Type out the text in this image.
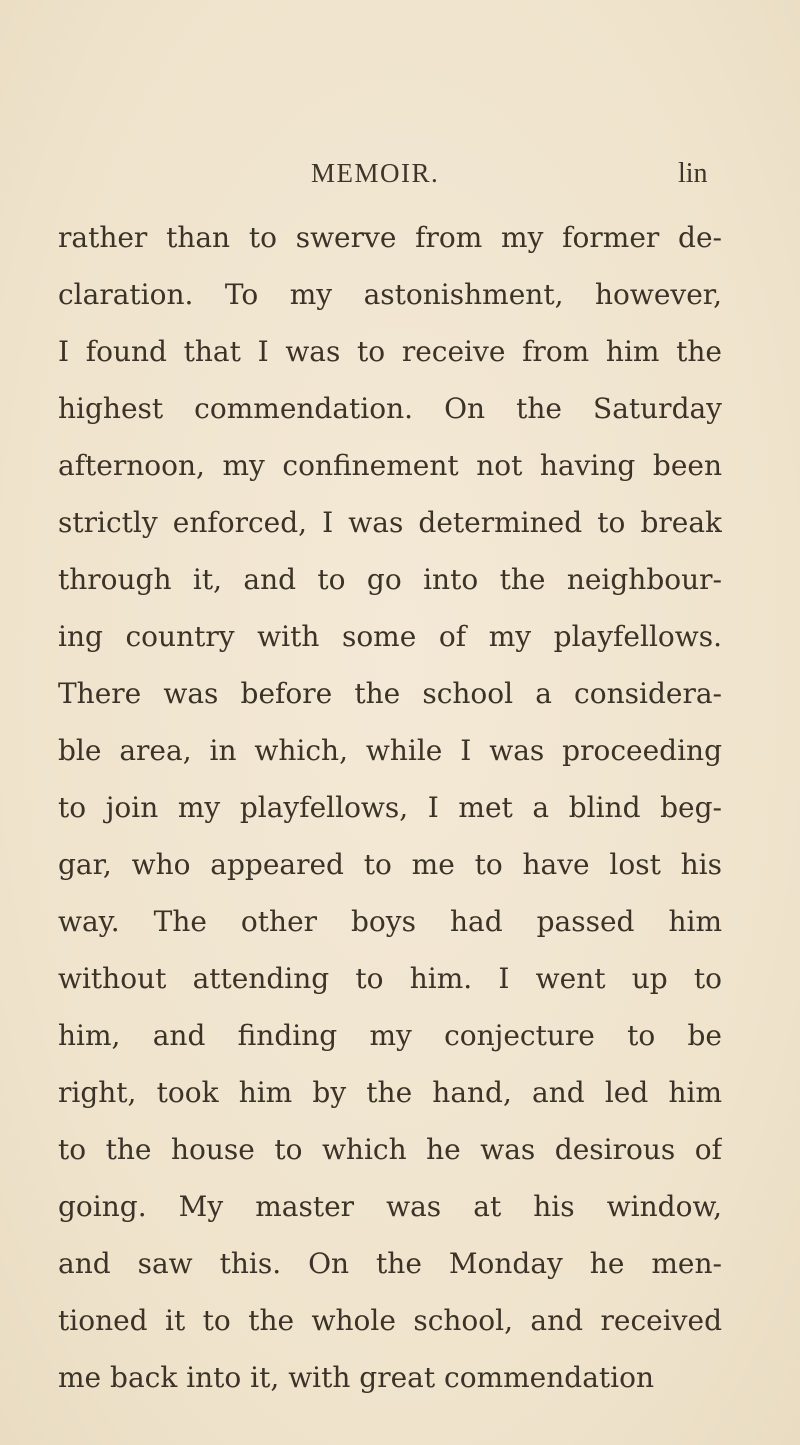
MEMOIR.	lin
rather than to swerve from my former de-
claration. To my astonishment, however,
I found that I was to receive from him the
highest commendation. On the Saturday
afternoon, my confinement not having been
strictly enforced, I was determined to break
through it, and to go into the neighbour-
ing country with some of my playfellows.
There was before the school a considera-
ble area, in which, while I was proceeding
to join my playfellows, I met a blind beg-
gar, who appeared to me to have lost his
way. The other boys had passed him
without attending to him. I went up to
him, and finding my conjecture to be
right, took him by the hand, and led him
to the house to which he was desirous of
going. My master was at his window,
and saw this. On the Monday he men-
tioned it to the whole school, and received
me back into it, with great commendation
